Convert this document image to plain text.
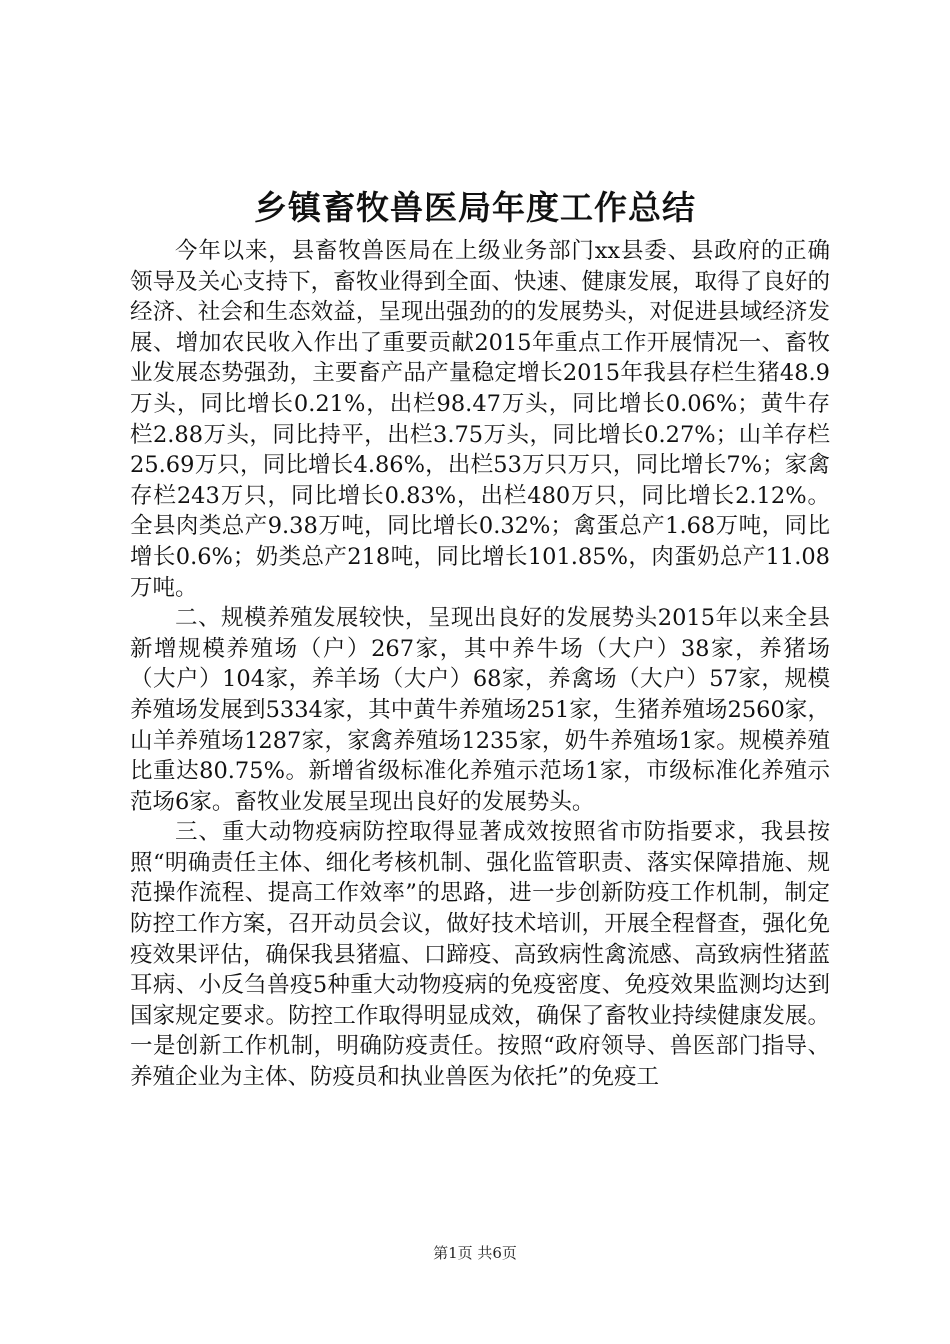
乡镇畜牧兽医局年度工作总结

今年以来，县畜牧兽医局在上级业务部门xx县委、县政府的正确领导及关心支持下，畜牧业得到全面、快速、健康发展，取得了良好的经济、社会和生态效益，呈现出强劲的的发展势头，对促进县域经济发展、增加农民收入作出了重要贡献2015年重点工作开展情况一、畜牧业发展态势强劲，主要畜产品产量稳定增长2015年我县存栏生猪48.9万头，同比增长0.21%，出栏98.47万头，同比增长0.06%；黄牛存栏2.88万头，同比持平，出栏3.75万头，同比增长0.27%；山羊存栏25.69万只，同比增长4.86%，出栏53万只万只，同比增长7%；家禽存栏243万只，同比增长0.83%，出栏480万只，同比增长2.12%。全县肉类总产9.38万吨，同比增长0.32%；禽蛋总产1.68万吨，同比增长0.6%；奶类总产218吨，同比增长101.85%，肉蛋奶总产11.08万吨。

二、规模养殖发展较快，呈现出良好的发展势头2015年以来全县新增规模养殖场（户）267家，其中养牛场（大户）38家，养猪场（大户）104家，养羊场（大户）68家，养禽场（大户）57家，规模养殖场发展到5334家，其中黄牛养殖场251家，生猪养殖场2560家，山羊养殖场1287家，家禽养殖场1235家，奶牛养殖场1家。规模养殖比重达80.75%。新增省级标准化养殖示范场1家，市级标准化养殖示范场6家。畜牧业发展呈现出良好的发展势头。

三、重大动物疫病防控取得显著成效按照省市防指要求，我县按照“明确责任主体、细化考核机制、强化监管职责、落实保障措施、规范操作流程、提高工作效率”的思路，进一步创新防疫工作机制，制定防控工作方案，召开动员会议，做好技术培训，开展全程督查，强化免疫效果评估，确保我县猪瘟、口蹄疫、高致病性禽流感、高致病性猪蓝耳病、小反刍兽疫5种重大动物疫病的免疫密度、免疫效果监测均达到国家规定要求。防控工作取得明显成效，确保了畜牧业持续健康发展。一是创新工作机制，明确防疫责任。按照“政府领导、兽医部门指导、养殖企业为主体、防疫员和执业兽医为依托”的免疫工

第1页 共6页
